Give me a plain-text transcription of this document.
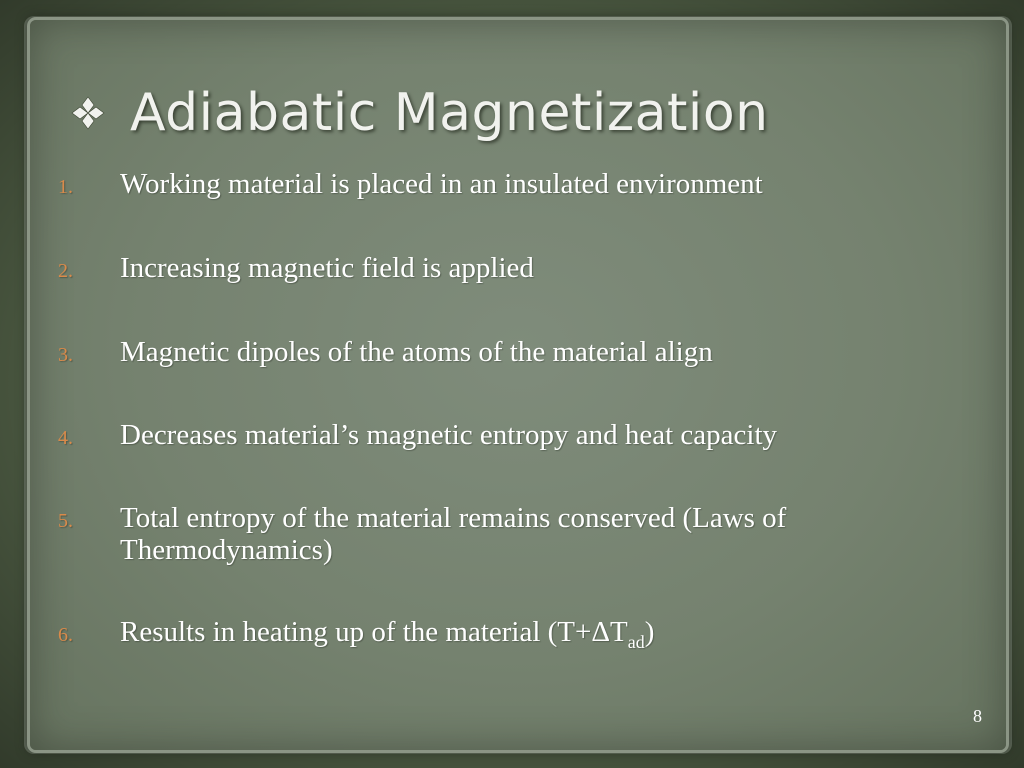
Adiabatic Magnetization
1. Working material is placed in an insulated environment
2. Increasing magnetic field is applied
3. Magnetic dipoles of the atoms of the material align
4. Decreases material’s magnetic entropy and heat capacity
5. Total entropy of the material remains conserved (Laws of Thermodynamics)
6. Results in heating up of the material $(T+\Delta T_{ad})$
8
